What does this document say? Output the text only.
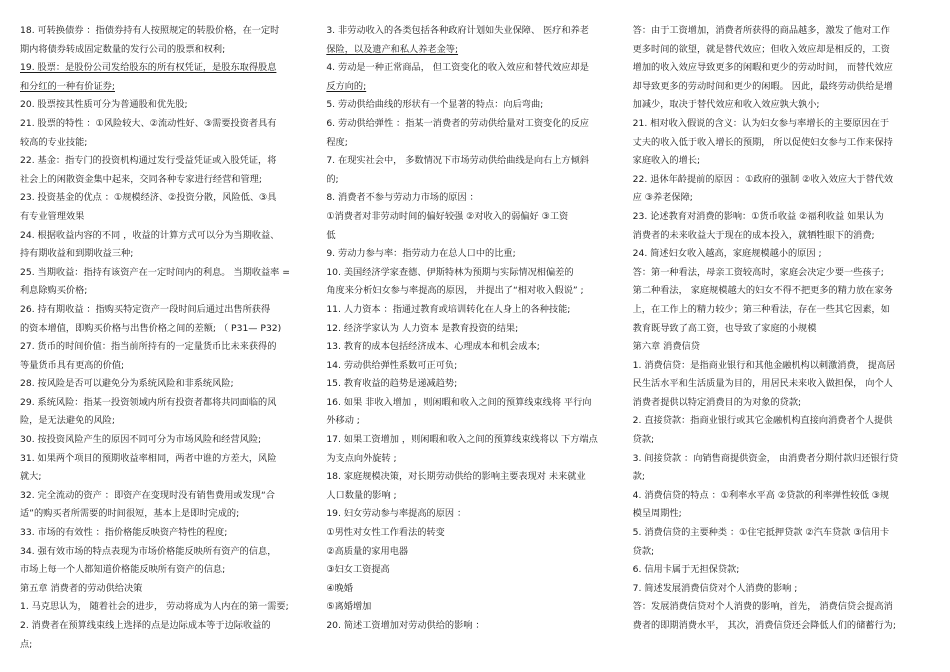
18. 可转换债券 ：指债券持有人按照规定的转股价格，在一定时
期内将债券转成固定数量的发行公司的股票和权利;
19. 股票：是股份公司发给股东的所有权凭证，是股东取得股息
和分红的一种有价证券;
20. 股票按其性质可分为普通股和优先股;
21. 股票的特性 ：①风险较大、②流动性好、③需要投资者具有
较高的专业技能;
22. 基金：指专门的投资机构通过发行受益凭证或入股凭证，将
社会上的闲散资金集中起来，交同各种专家进行经营和管理;
23. 投资基金的优点 ：①规模经济、②投资分散，风险低、③具
有专业管理效果
24. 根据收益内容的不同 ，收益的计算方式可以分为当期收益、
持有期收益和到期收益三种;
25. 当期收益：指持有该资产在一定时间内的利息。 当期收益率 =
利息除购买价格;
26. 持有期收益 ：指购买特定资产一段时间后通过出售所获得
的资本增值，即购买价格与出售价格之间的差额; （ P31— P32)
27. 货币的时间价值：指当前所持有的一定量货币比未来获得的
等量货币具有更高的价值;
28. 按风险是否可以避免分为系统风险和非系统风险;
29. 系统风险：指某一投资领域内所有投资者都将共同面临的风
险，是无法避免的风险;
30. 按投资风险产生的原因不同可分为市场风险和经营风险;
31. 如果两个项目的预期收益率相同，两者中谁的方差大，风险
就大;
32. 完全流动的资产 ：即资产在变现时没有销售费用或发现“合
适”的购买者所需要的时间很短，基本上是即时完成的;
33. 市场的有效性 ：指价格能反映资产特性的程度;
34. 强有效市场的特点表现为市场价格能反映所有资产的信息，
市场上每一个人都知道价格能反映所有资产的信息;
第五章 消费者的劳动供给决策
1. 马克思认为， 随着社会的进步， 劳动将成为人内在的第一需要;
2. 消费者在预算线束线上选择的点是边际成本等于边际收益的
点;
3. 非劳动收入的各类包括各种政府计划如失业保障、 医疗和养老
保险，以及遗产和私人养老金等;
4. 劳动是一种正常商品， 但工资变化的收入效应和替代效应却是
反方向的;
5. 劳动供给曲线的形状有一个显著的特点：向后弯曲;
6. 劳动供给弹性 ：指某一消费者的劳动供给量对工资变化的反应
程度;
7. 在现实社会中， 多数情况下市场劳动供给曲线是向右上方倾斜
的;
8. 消费者不参与劳动力市场的原因 ：
①消费者对非劳动时间的偏好较强 ②对收入的弱偏好 ③工资
低
9. 劳动力参与率：指劳动力在总人口中的比重;
10. 美国经济学家查德、伊斯特林为预期与实际情况相偏差的
角度来分析妇女参与率提高的原因， 并提出了“相对收入假说” ;
11. 人力资本 ：指通过教育或培训转化在人身上的各种技能;
12. 经济学家认为 人力资本 是教育投资的结果;
13. 教育的成本包括经济成本、心理成本和机会成本;
14. 劳动供给弹性系数可正可负;
15. 教育收益的趋势是递减趋势;
16. 如果 非收入增加 ，则闲暇和收入之间的预算线束线将 平行向
外移动 ;
17. 如果工资增加 ，则闲暇和收入之间的预算线束线将以 下方端点
为支点向外旋转 ;
18. 家庭规模决策，对长期劳动供给的影响主要表现对 未来就业
人口数量的影响 ;
19. 妇女劳动参与率提高的原因 ：
①男性对女性工作看法的转变
②高质量的家用电器
③妇女工资提高
④晚婚
⑤离婚增加
20. 简述工资增加对劳动供给的影响 ：
答：由于工资增加，消费者所获得的商品越多，激发了他对工作
更多时间的欲望，就是替代效应；但收入效应却是相反的，工资
增加的收入效应导致更多的闲暇和更少的劳动时间， 而替代效应
却导致更多的劳动时间和更少的闲暇。 因此，最终劳动供给是增
加减少，取决于替代效应和收入效应孰大孰小;
21. 相对收入假说的含义：认为妇女参与率增长的主要原因在于
丈夫的收入低于收入增长的预期， 所以促使妇女参与工作来保持
家庭收入的增长;
22. 退休年龄提前的原因 ：①政府的强制 ②收入效应大于替代效
应 ③养老保障;
23. 论述教育对消费的影响：①货币收益 ②福利收益 如果认为
消费者的未来收益大于现在的成本投入，就牺牲眼下的消费;
24. 简述妇女收入越高，家庭规模越小的原因 ;
答：第一种看法，母亲工资较高时，家庭会决定少要一些孩子;
第二种看法， 家庭规模越大的妇女不得不把更多的精力放在家务
上，在工作上的精力较少；第三种看法，存在一些其它因素，如
教育既导致了高工资，也导致了家庭的小规模
第六章 消费信贷
1. 消费信贷：是指商业银行和其他金融机构以刺激消费， 提高居
民生活水平和生活质量为目的，用居民未来收入做担保， 向个人
消费者提供以特定消费目的为对象的贷款;
2. 直接贷款：指商业银行或其它金融机构直接向消费者个人提供
贷款;
3. 间接贷款 ：向销售商提供资金， 由消费者分期付款归还银行贷
款;
4. 消费信贷的特点 ：①利率水平高 ②贷款的利率弹性较低 ③规
模呈周期性;
5. 消费信贷的主要种类 ：①住宅抵押贷款 ②汽车贷款 ③信用卡
贷款;
6. 信用卡属于无担保贷款;
7. 简述发展消费信贷对个人消费的影响 ;
答：发展消费信贷对个人消费的影响，首先， 消费信贷会提高消
费者的即期消费水平， 其次，消费信贷还会降低人们的储蓄行为;
